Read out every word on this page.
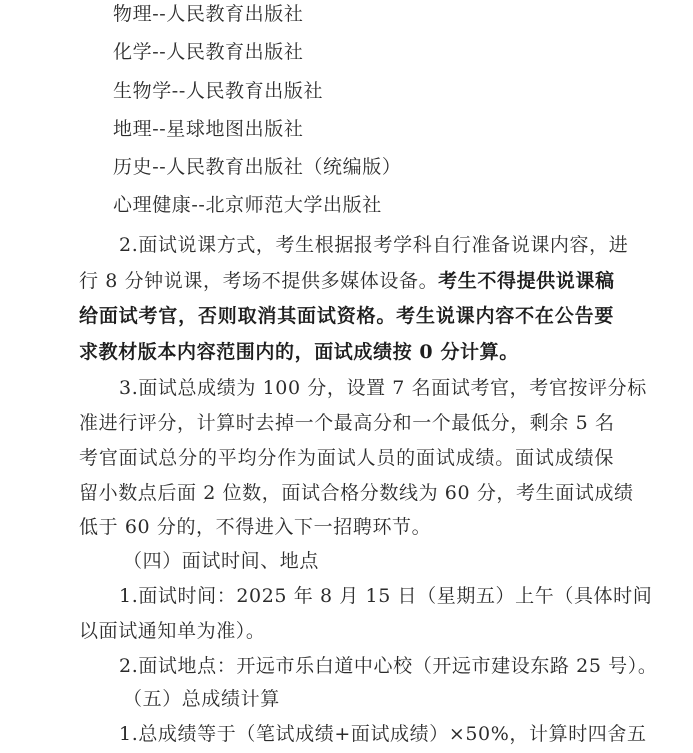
物理--人民教育出版社
化学--人民教育出版社
生物学--人民教育出版社
地理--星球地图出版社
历史--人民教育出版社（统编版）
心理健康--北京师范大学出版社
2.面试说课方式，考生根据报考学科自行准备说课内容，进
行 8 分钟说课，考场不提供多媒体设备。考生不得提供说课稿
给面试考官，否则取消其面试资格。考生说课内容不在公告要
求教材版本内容范围内的，面试成绩按 0 分计算。
3.面试总成绩为 100 分，设置 7 名面试考官，考官按评分标
准进行评分，计算时去掉一个最高分和一个最低分，剩余 5 名
考官面试总分的平均分作为面试人员的面试成绩。面试成绩保
留小数点后面 2 位数，面试合格分数线为 60 分，考生面试成绩
低于 60 分的，不得进入下一招聘环节。
（四）面试时间、地点
1.面试时间：2025 年 8 月 15 日（星期五）上午（具体时间
以面试通知单为准）。
2.面试地点：开远市乐白道中心校（开远市建设东路 25 号）。
（五）总成绩计算
1.总成绩等于（笔试成绩+面试成绩）×50%，计算时四舍五
